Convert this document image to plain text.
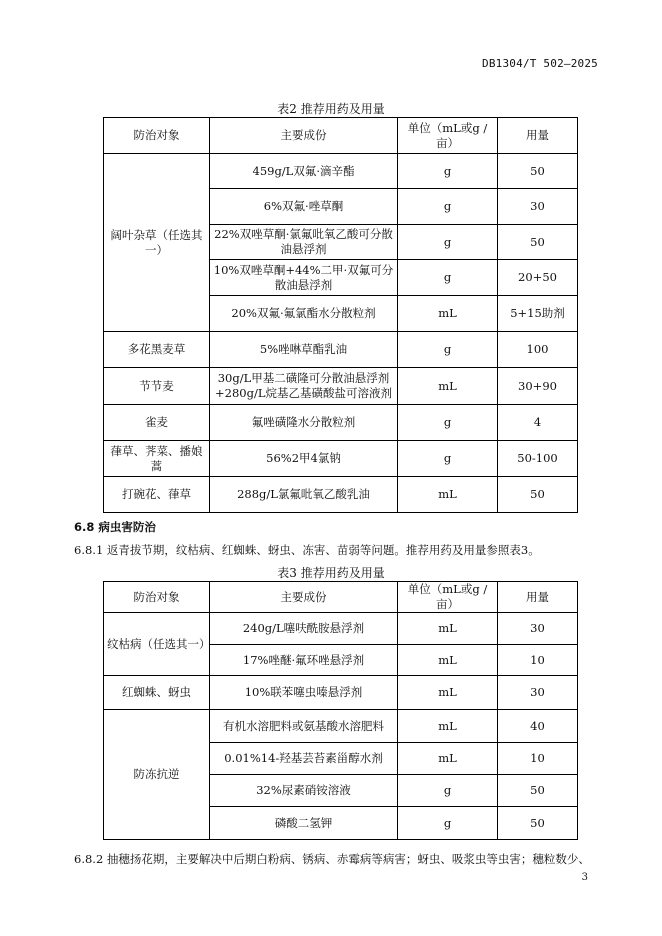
DB1304/T 502—2025
表2 推荐用药及用量
防治对象	主要成份	单位（mL或g /亩）	用量
阔叶杂草（任选其一）	459g/L双氟·滴辛酯	g	50
	6%双氟·唑草酮	g	30
	22%双唑草酮·氯氟吡氧乙酸可分散油悬浮剂	g	50
	10%双唑草酮+44%二甲·双氟可分散油悬浮剂	g	20+50
	20%双氟·氟氯酯水分散粒剂	mL	5+15助剂
多花黑麦草	5%唑啉草酯乳油	g	100
节节麦	30g/L甲基二磺隆可分散油悬浮剂+280g/L烷基乙基磺酸盐可溶液剂	mL	30+90
雀麦	氟唑磺隆水分散粒剂	g	4
葎草、荠菜、播娘蒿	56%2甲4氯钠	g	50-100
打碗花、葎草	288g/L氯氟吡氧乙酸乳油	mL	50
6.8 病虫害防治
6.8.1 返青拔节期，纹枯病、红蜘蛛、蚜虫、冻害、苗弱等问题。推荐用药及用量参照表3。
表3 推荐用药及用量
防治对象	主要成份	单位（mL或g /亩）	用量
纹枯病（任选其一）	240g/L噻呋酰胺悬浮剂	mL	30
	17%唑醚·氟环唑悬浮剂	mL	10
红蜘蛛、蚜虫	10%联苯噻虫嗪悬浮剂	mL	30
防冻抗逆	有机水溶肥料或氨基酸水溶肥料	mL	40
	0.01%14-羟基芸苔素甾醇水剂	mL	10
	32%尿素硝铵溶液	g	50
	磷酸二氢钾	g	50
6.8.2 抽穗扬花期，主要解决中后期白粉病、锈病、赤霉病等病害；蚜虫、吸浆虫等虫害；穗粒数少、
3
